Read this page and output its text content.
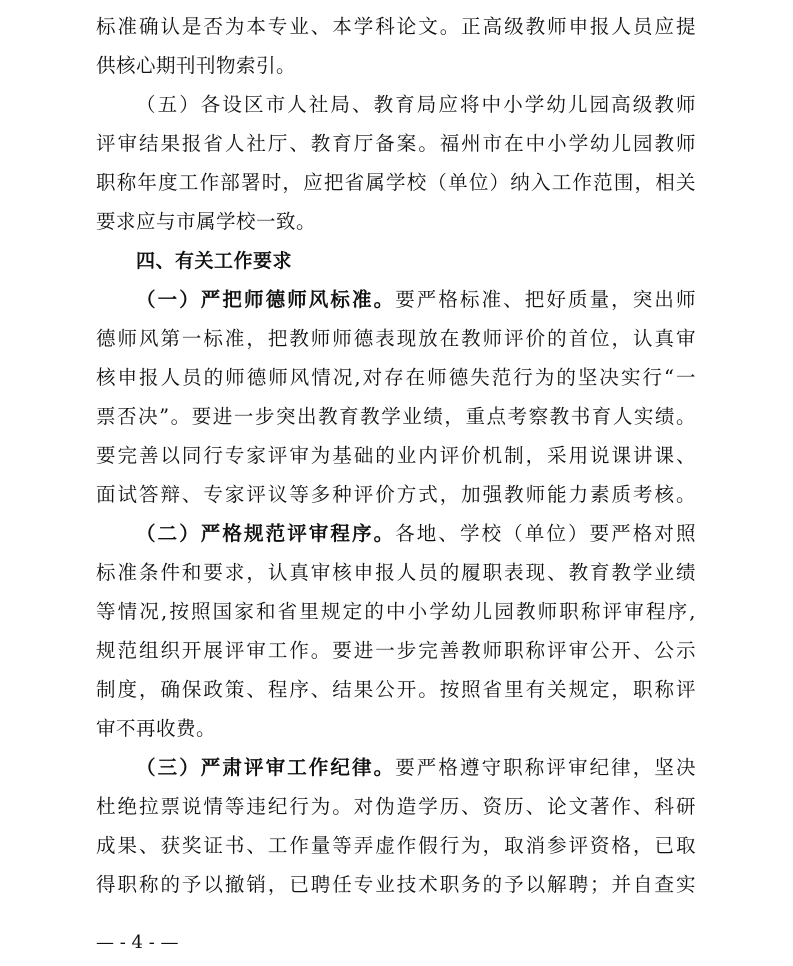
标准确认是否为本专业、本学科论文。正高级教师申报人员应提
供核心期刊刊物索引。
（五）各设区市人社局、教育局应将中小学幼儿园高级教师
评审结果报省人社厅、教育厅备案。福州市在中小学幼儿园教师
职称年度工作部署时，应把省属学校（单位）纳入工作范围，相关
要求应与市属学校一致。
四、有关工作要求
（一）严把师德师风标准。要严格标准、把好质量，突出师
德师风第一标准，把教师师德表现放在教师评价的首位，认真审
核申报人员的师德师风情况,对存在师德失范行为的坚决实行“一
票否决”。要进一步突出教育教学业绩，重点考察教书育人实绩。
要完善以同行专家评审为基础的业内评价机制，采用说课讲课、
面试答辩、专家评议等多种评价方式，加强教师能力素质考核。
（二）严格规范评审程序。各地、学校（单位）要严格对照
标准条件和要求，认真审核申报人员的履职表现、教育教学业绩
等情况,按照国家和省里规定的中小学幼儿园教师职称评审程序,
规范组织开展评审工作。要进一步完善教师职称评审公开、公示
制度，确保政策、程序、结果公开。按照省里有关规定，职称评
审不再收费。
（三）严肃评审工作纪律。要严格遵守职称评审纪律，坚决
杜绝拉票说情等违纪行为。对伪造学历、资历、论文著作、科研
成果、获奖证书、工作量等弄虚作假行为，取消参评资格，已取
得职称的予以撤销，已聘任专业技术职务的予以解聘；并自查实
— - 4 - —
